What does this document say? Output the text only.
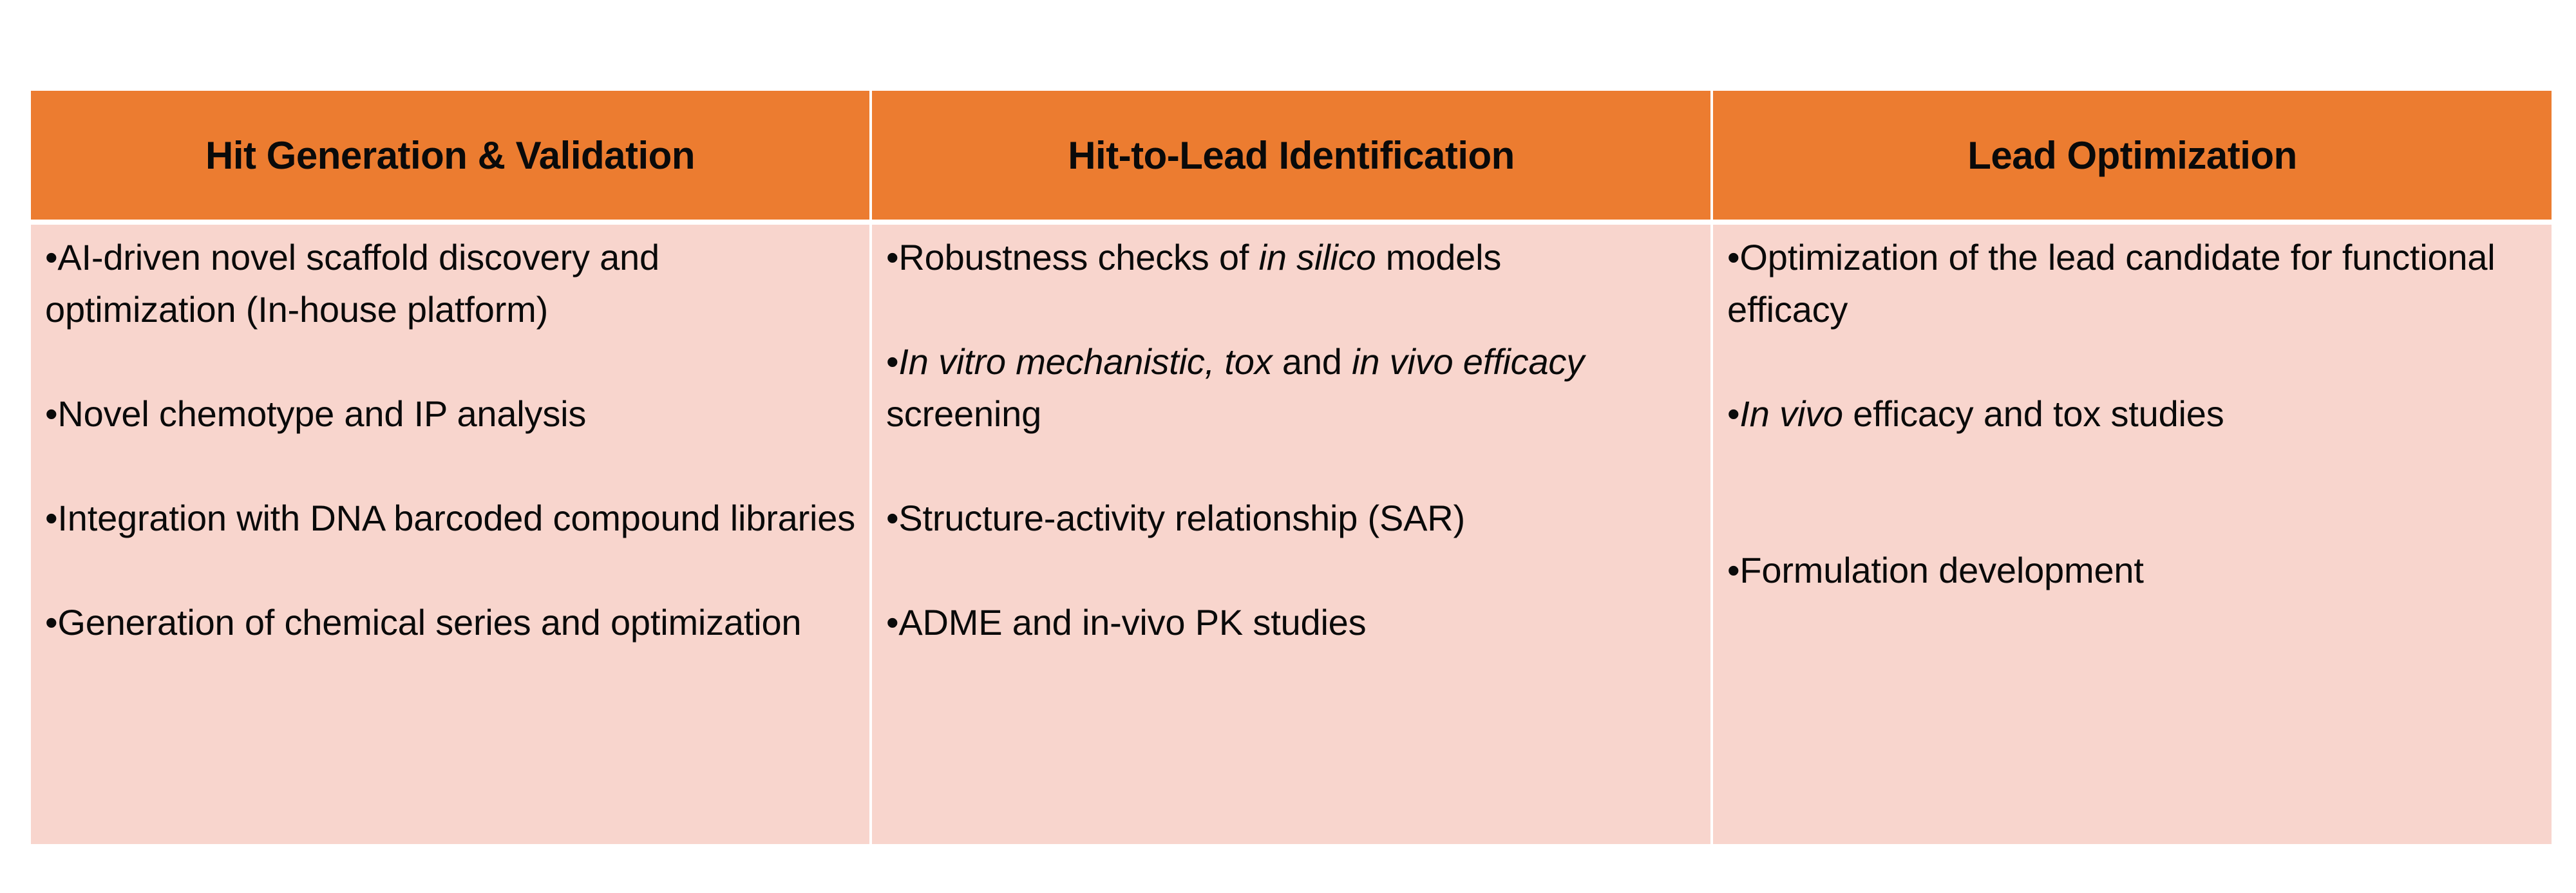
Hit Generation & Validation	Hit-to-Lead Identification	Lead Optimization
•AI-driven novel scaffold discovery and optimization (In-house platform)
•Novel chemotype and IP analysis
•Integration with DNA barcoded compound libraries
•Generation of chemical series and optimization
•Robustness checks of in silico models
•In vitro mechanistic, tox and in vivo efficacy screening
•Structure-activity relationship (SAR)
•ADME and in-vivo PK studies
•Optimization of the lead candidate for functional efficacy
•In vivo efficacy and tox studies
•Formulation development
